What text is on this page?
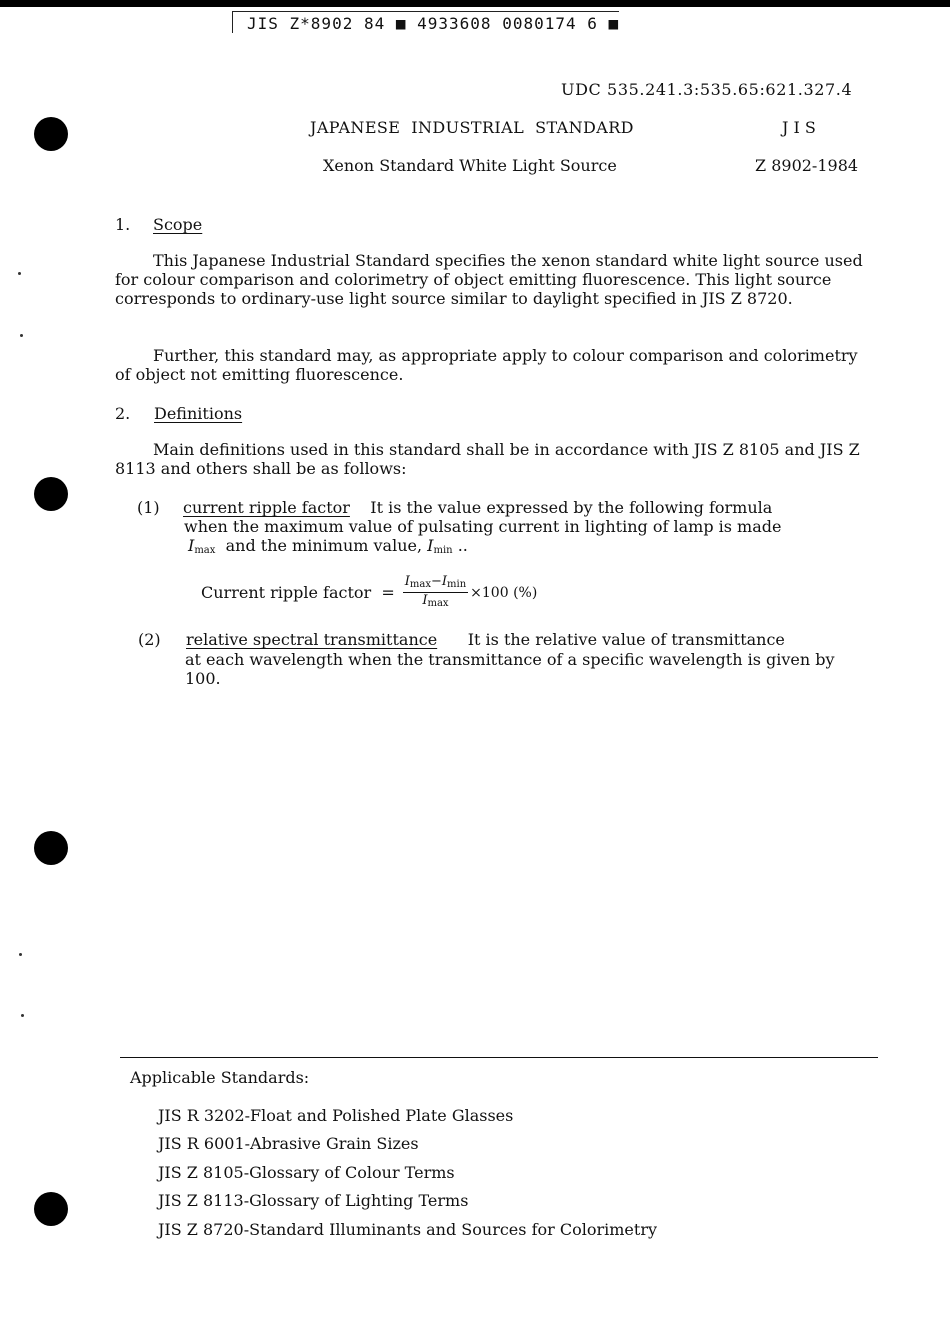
JIS Z*8902 84 ■ 4933608 0080174 6 ■
UDC 535.241.3:535.65:621.327.4
JAPANESE  INDUSTRIAL  STANDARD	J I S
Xenon Standard White Light Source	Z 8902-1984
1. Scope

This Japanese Industrial Standard specifies the xenon standard white light source used for colour comparison and colorimetry of object emitting fluorescence. This light source corresponds to ordinary-use light source similar to daylight specified in JIS Z 8720.

Further, this standard may, as appropriate apply to colour comparison and colorimetry of object not emitting fluorescence.

2. Definitions

Main definitions used in this standard shall be in accordance with JIS Z 8105 and JIS Z 8113 and others shall be as follows:

(1) current ripple factor It is the value expressed by the following formula
when the maximum value of pulsating current in lighting of lamp is made
$I_{max}$ and the minimum value, $I_{min}$ ..
Current ripple factor  = $\frac{I_{max}-I_{min}}{I_{max}} \times 100$ (%)
(2) relative spectral transmittance It is the relative value of transmittance

at each wavelength when the transmittance of a specific wavelength is given by 100.

Applicable Standards:
JIS R 3202-Float and Polished Plate Glasses
JIS R 6001-Abrasive Grain Sizes
JIS Z 8105-Glossary of Colour Terms
JIS Z 8113-Glossary of Lighting Terms
JIS Z 8720-Standard Illuminants and Sources for Colorimetry
